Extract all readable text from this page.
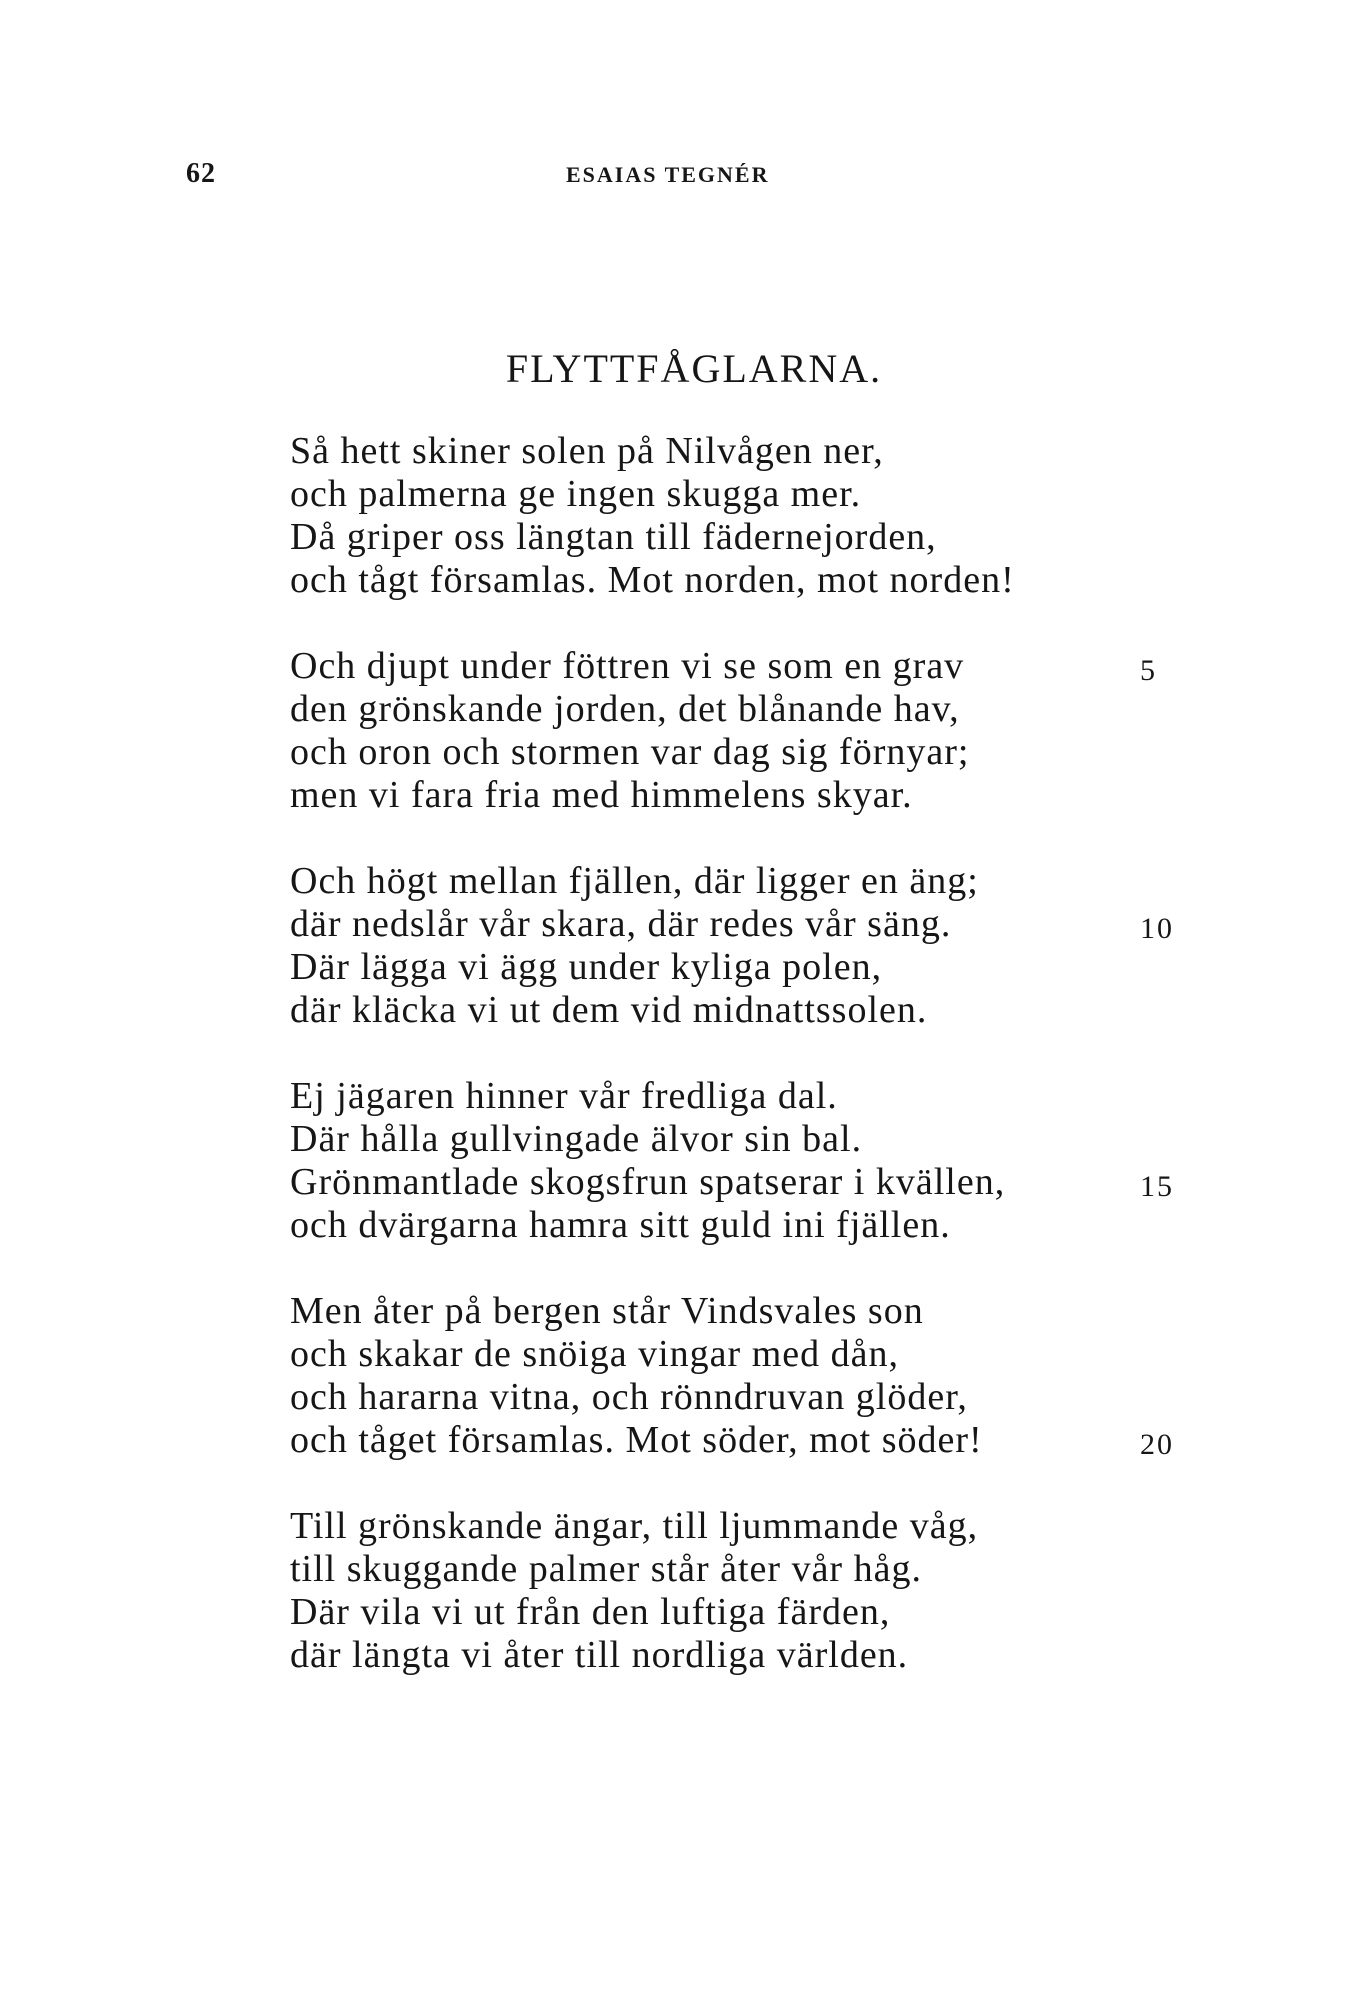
62	ESAIAS TEGNÉR
FLYTTFÅGLARNA.
Så hett skiner solen på Nilvågen ner,
och palmerna ge ingen skugga mer.
Då griper oss längtan till fädernejorden,
och tågt församlas. Mot norden, mot norden!
Och djupt under föttren vi se som en grav	5
den grönskande jorden, det blånande hav,
och oron och stormen var dag sig förnyar;
men vi fara fria med himmelens skyar.
Och högt mellan fjällen, där ligger en äng;
där nedslår vår skara, där redes vår säng.	10
Där lägga vi ägg under kyliga polen,
där kläcka vi ut dem vid midnattssolen.
Ej jägaren hinner vår fredliga dal.
Där hålla gullvingade älvor sin bal.
Grönmantlade skogsfrun spatserar i kvällen,	15
och dvärgarna hamra sitt guld ini fjällen.
Men åter på bergen står Vindsvales son
och skakar de snöiga vingar med dån,
och hararna vitna, och rönndruvan glöder,
och tåget församlas. Mot söder, mot söder!	20
Till grönskande ängar, till ljummande våg,
till skuggande palmer står åter vår håg.
Där vila vi ut från den luftiga färden,
där längta vi åter till nordliga världen.
